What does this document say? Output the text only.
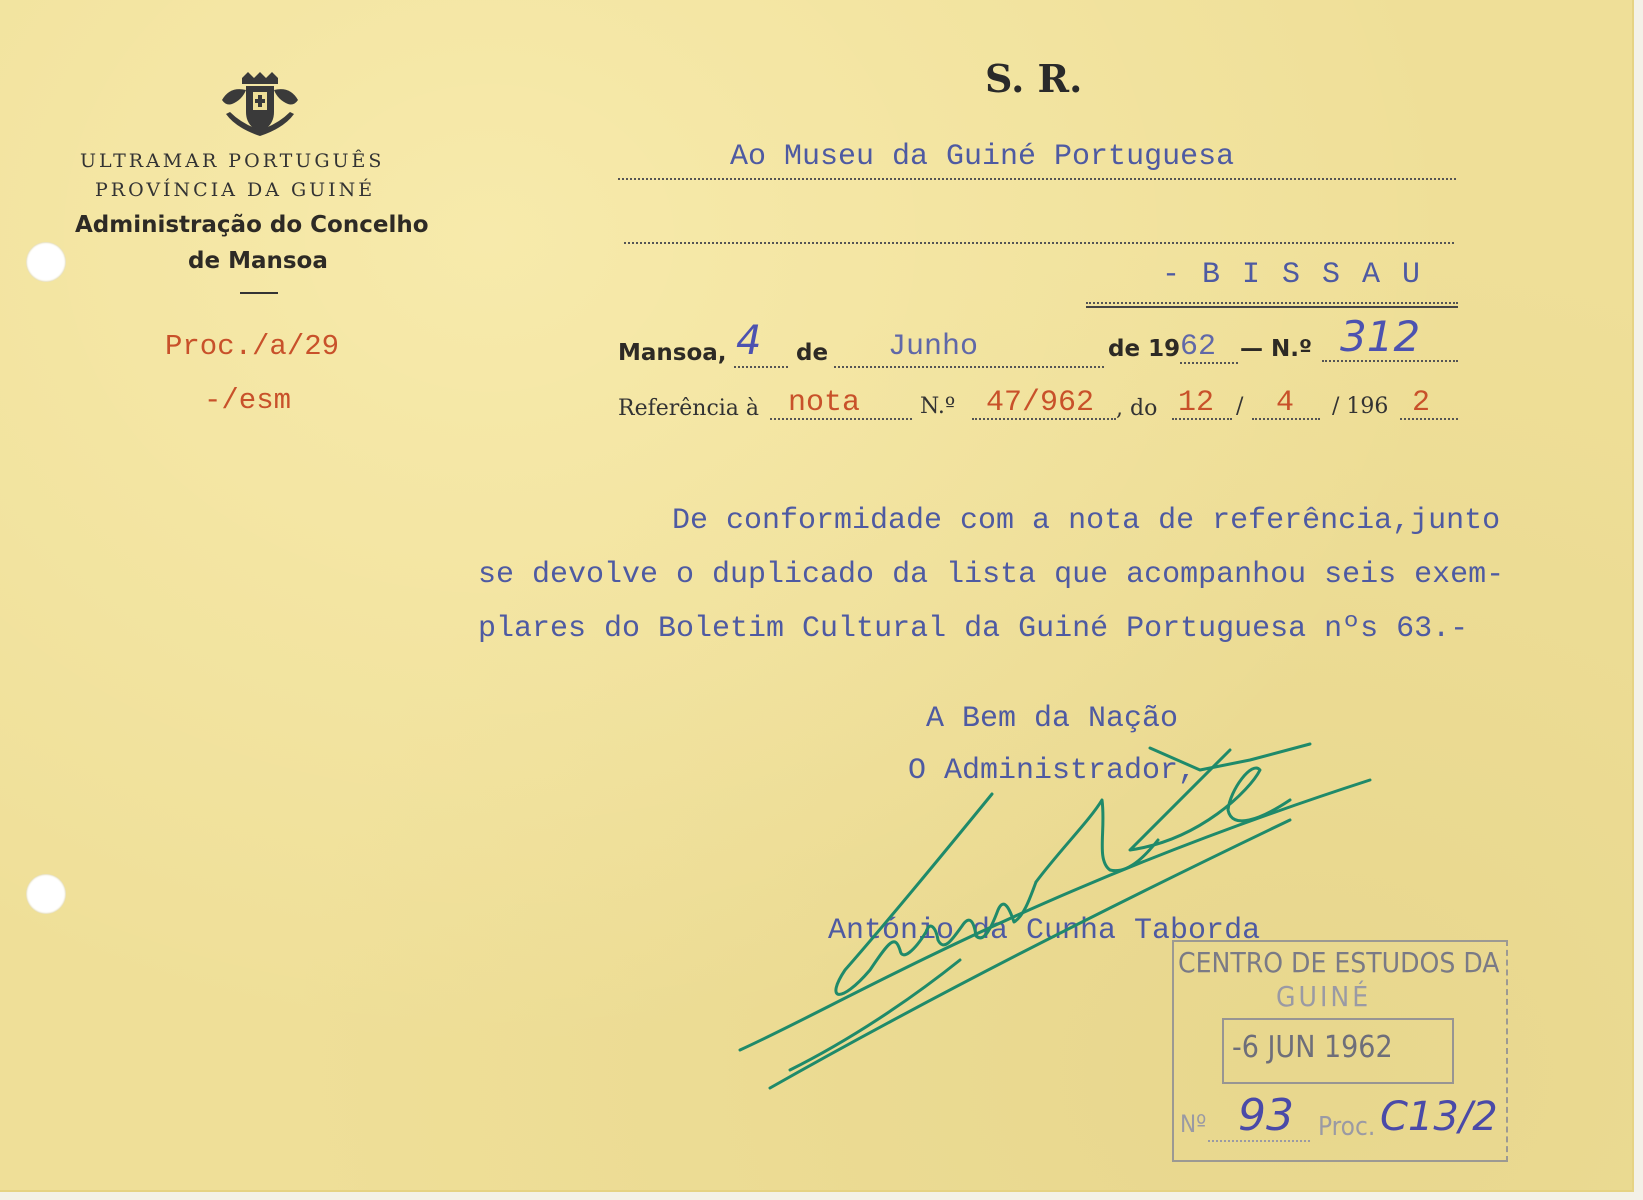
ULTRAMAR PORTUGUÊS
PROVÍNCIA DA GUINÉ
Administração do Concelho
de Mansoa
Proc./a/29
-/esm
S. R.
Ao Museu da Guiné Portuguesa
- B I S S A U
Mansoa, 4 de Junho	de 19 62 — N.º 312
Referência à nota	N.º 47/962 , do 12 / 4 / 196 2
De conformidade com a nota de referência,junto
se devolve o duplicado da lista que acompanhou seis exem-
plares do Boletim Cultural da Guiné Portuguesa nºs 63.-
A Bem da Nação
O Administrador,
António da Cunha Taborda
CENTRO DE ESTUDOS DA
GUINÉ
-6 JUN 1962
Nº 93 Proc. C13/2
